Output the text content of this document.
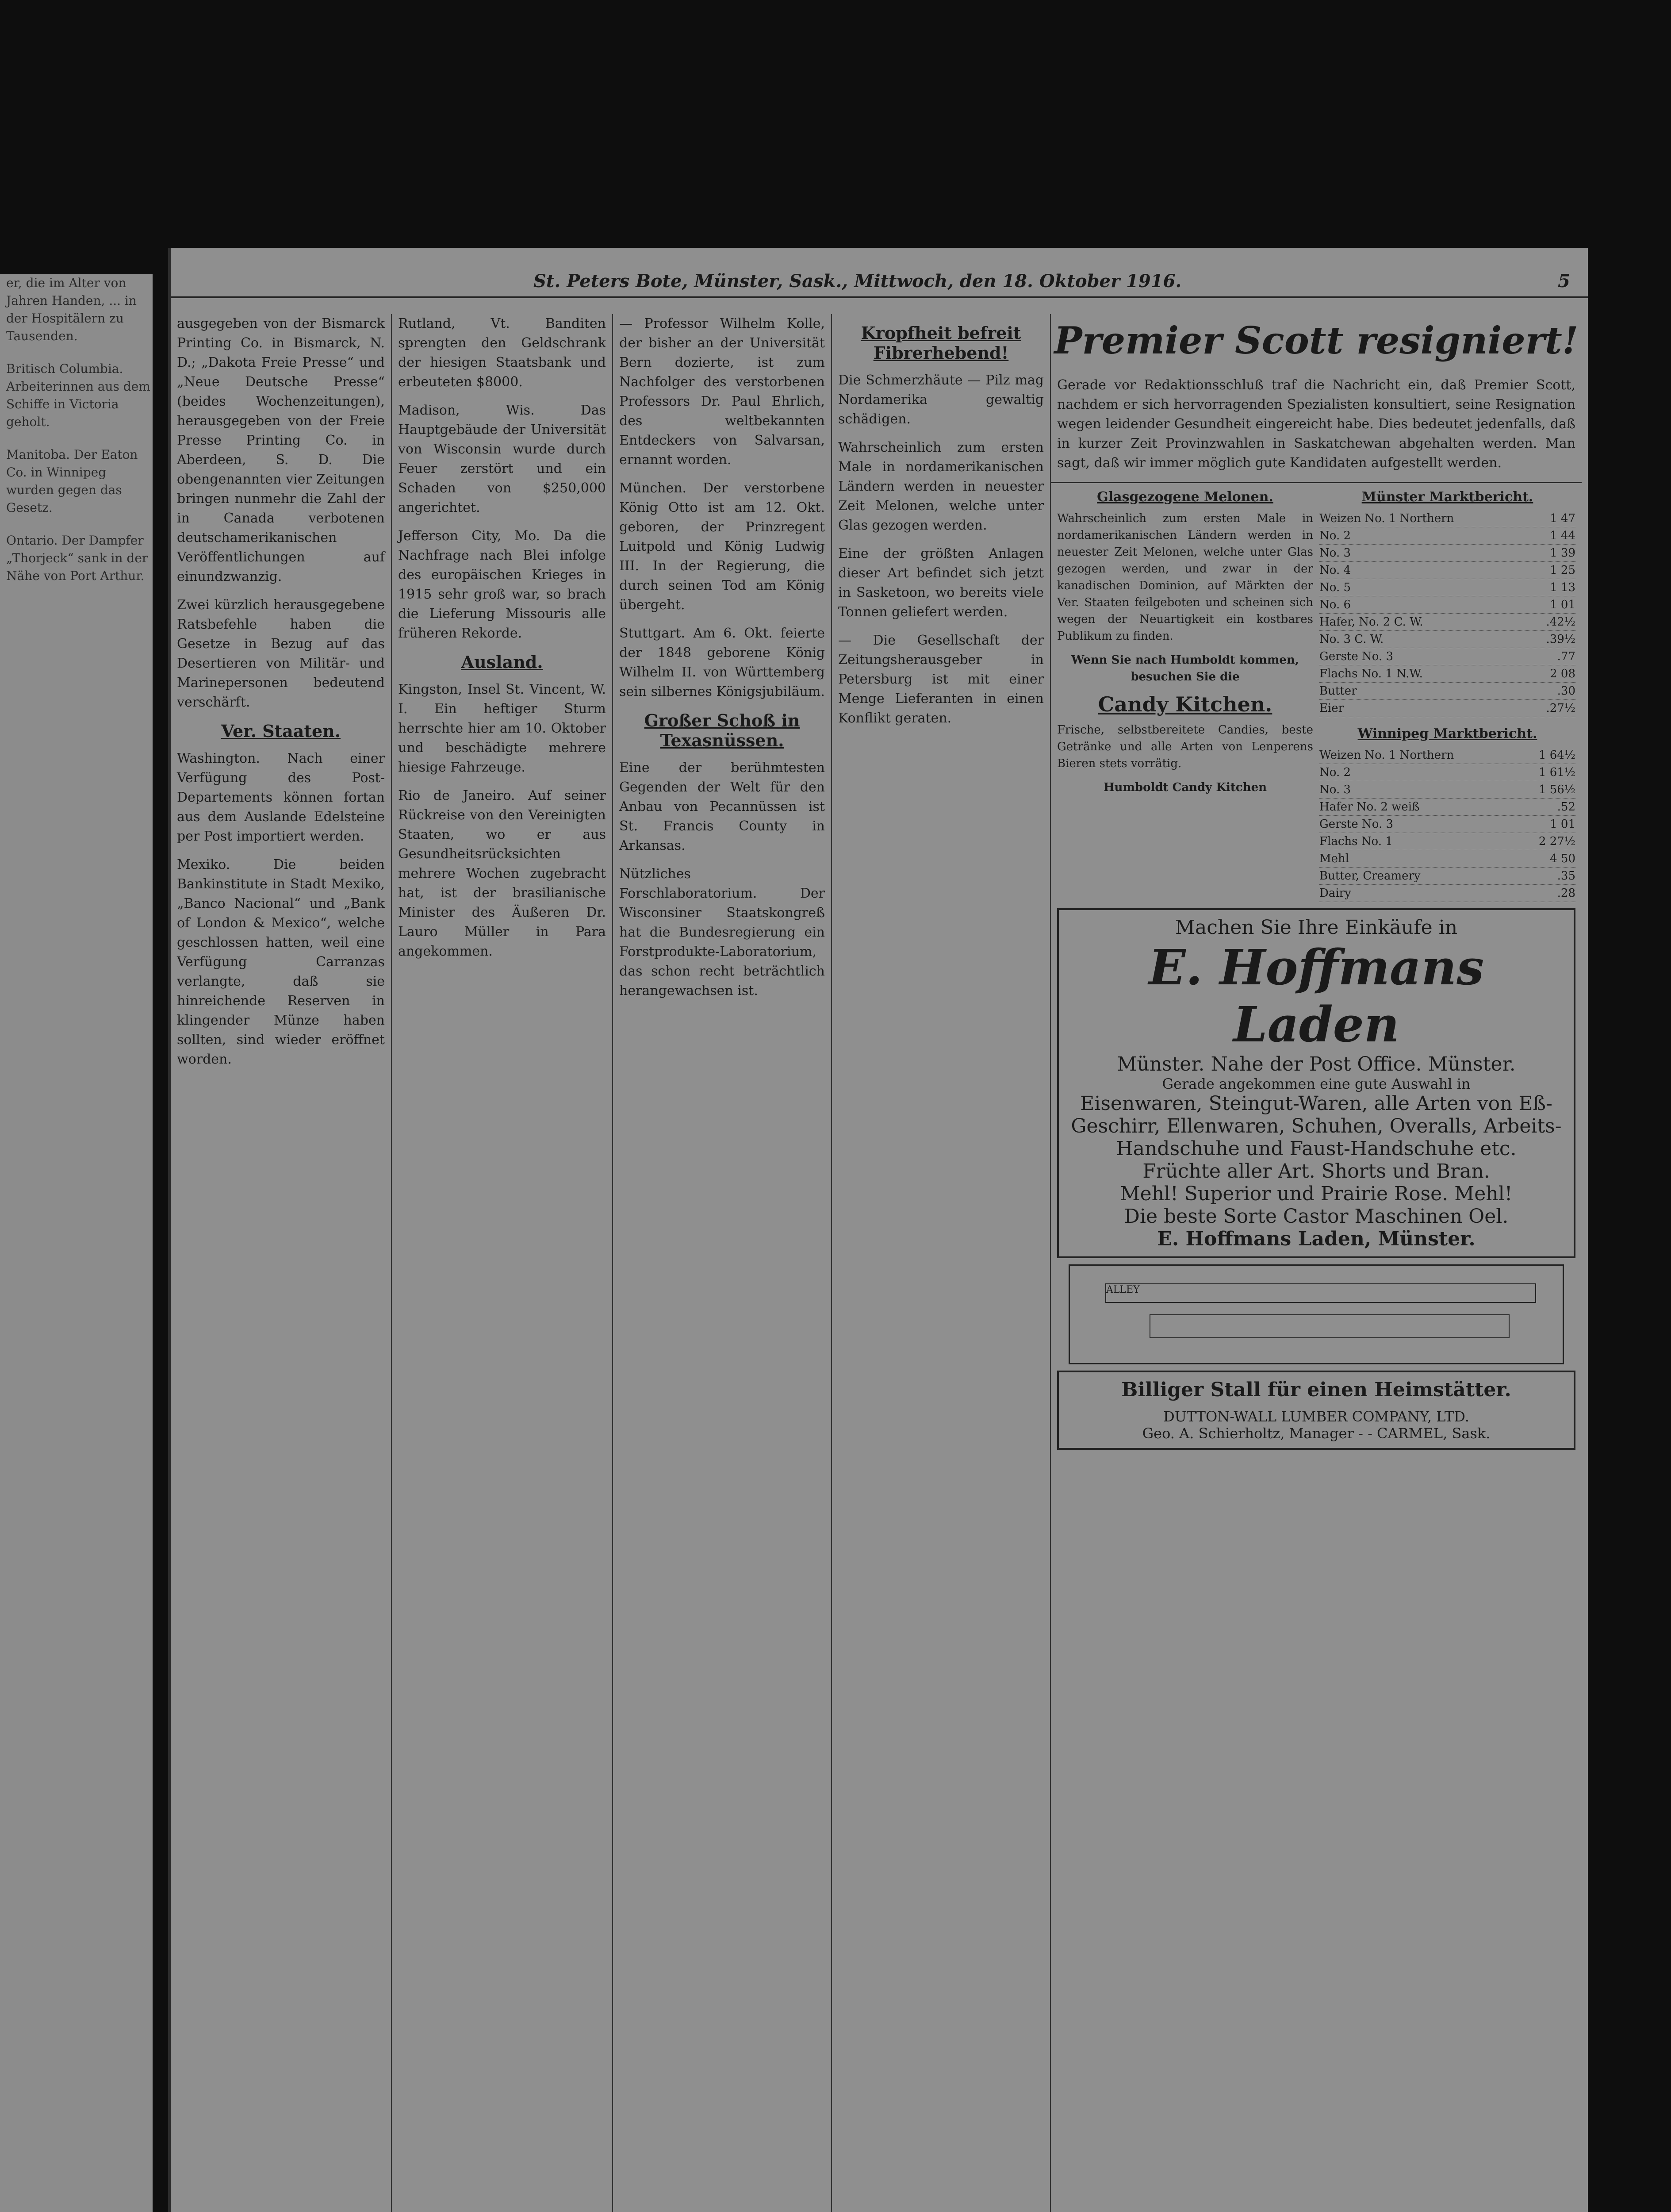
er, die im Alter von Jahren Handen, ... in der Hospitälern zu Tausenden.

Britisch Columbia. Arbeiterinnen aus dem Schiffe in Victoria geholt.

Manitoba. Der Eaton Co. in Winnipeg wurden gegen das Gesetz.

Ontario. Der Dampfer „Thorjeck“ sank in der Nähe von Port Arthur.

St. Peters Bote, Münster, Sask., Mittwoch, den 18. Oktober 1916.	5

ausgegeben von der Bismarck Printing Co. in Bismarck, N. D.; „Dakota Freie Presse“ und „Neue Deutsche Presse“ (beides Wochenzeitungen), herausgegeben von der Freie Presse Printing Co. in Aberdeen, S. D. Die obengenannten vier Zeitungen bringen nunmehr die Zahl der in Canada verbotenen deutschamerikanischen Veröffentlichungen auf einundzwanzig.

Zwei kürzlich herausgegebene Ratsbefehle haben die Gesetze in Bezug auf das Desertieren von Militär- und Marinepersonen bedeutend verschärft.

Ver. Staaten.

Washington. Nach einer Verfügung des Post-Departements können fortan aus dem Auslande Edelsteine per Post importiert werden.

Mexiko. Die beiden Bankinstitute in Stadt Mexiko, „Banco Nacional“ und „Bank of London & Mexico“, welche geschlossen hatten, weil eine Verfügung Carranzas verlangte, daß sie hinreichende Reserven in klingender Münze haben sollten, sind wieder eröffnet worden.

Rutland, Vt. Banditen sprengten den Geldschrank der hiesigen Staatsbank und erbeuteten $8000.

Madison, Wis. Das Hauptgebäude der Universität von Wisconsin wurde durch Feuer zerstört und ein Schaden von $250,000 angerichtet.

Jefferson City, Mo. Da die Nachfrage nach Blei infolge des europäischen Krieges in 1915 sehr groß war, so brach die Lieferung Missouris alle früheren Rekorde.

Ausland.

Kingston, Insel St. Vincent, W. I. Ein heftiger Sturm herrschte hier am 10. Oktober und beschädigte mehrere hiesige Fahrzeuge.

Rio de Janeiro. Auf seiner Rückreise von den Vereinigten Staaten, wo er aus Gesundheitsrücksichten mehrere Wochen zugebracht hat, ist der brasilianische Minister des Äußeren Dr. Lauro Müller in Para angekommen.

— Professor Wilhelm Kolle, der bisher an der Universität Bern dozierte, ist zum Nachfolger des verstorbenen Professors Dr. Paul Ehrlich, des weltbekannten Entdeckers von Salvarsan, ernannt worden.

München. Der verstorbene König Otto ist am 12. Okt. geboren, der Prinzregent Luitpold und König Ludwig III. In der Regierung, die durch seinen Tod am König übergeht.

Stuttgart. Am 6. Okt. feierte der 1848 geborene König Wilhelm II. von Württemberg sein silbernes Königsjubiläum.

Großer Schoß in Texasnüssen.

Eine der berühmtesten Gegenden der Welt für den Anbau von Pecannüssen ist St. Francis County in Arkansas.

Nützliches Forschlaboratorium. Der Wisconsiner Staatskongreß hat die Bundesregierung ein Forstprodukte-Laboratorium, das schon recht beträchtlich herangewachsen ist.

Kropfheit befreit Fibrerhebend!

Die Schmerzhäute — Pilz mag Nordamerika gewaltig schädigen.

Wahrscheinlich zum ersten Male in nordamerikanischen Ländern werden in neuester Zeit Melonen, welche unter Glas gezogen werden.

Eine der größten Anlagen dieser Art befindet sich jetzt in Sasketoon, wo bereits viele Tonnen geliefert werden.

— Die Gesellschaft der Zeitungsherausgeber in Petersburg ist mit einer Menge Lieferanten in einen Konflikt geraten.

Premier Scott resigniert!

Gerade vor Redaktionsschluß traf die Nachricht ein, daß Premier Scott, nachdem er sich hervorragenden Spezialisten konsultiert, seine Resignation wegen leidender Gesundheit eingereicht habe. Dies bedeutet jedenfalls, daß in kurzer Zeit Provinzwahlen in Saskatchewan abgehalten werden. Man sagt, daß wir immer möglich gute Kandidaten aufgestellt werden.

Glasgezogene Melonen.

Wahrscheinlich zum ersten Male in nordamerikanischen Ländern werden in neuester Zeit Melonen, welche unter Glas gezogen werden, und zwar in der kanadischen Dominion, auf Märkten der Ver. Staaten feilgeboten und scheinen sich wegen der Neuartigkeit ein kostbares Publikum zu finden.

Wenn Sie nach Humboldt kommen, besuchen Sie die

Candy Kitchen.

Frische, selbstbereitete Candies, beste Getränke und alle Arten von Lenperens Bieren stets vorrätig.

Humboldt Candy Kitchen

Münster Marktbericht.
Weizen No. 1 Northern	1 47
No. 2	1 44
No. 3	1 39
No. 4	1 25
No. 5	1 13
No. 6	1 01
Hafer, No. 2 C. W.	.42½
No. 3 C. W.	.39½
Gerste No. 3	.77
Flachs No. 1 N.W.	2 08
Butter	.30
Eier	.27½
Winnipeg Marktbericht.
Weizen No. 1 Northern	1 64½
No. 2	1 61½
No. 3	1 56½
Hafer No. 2 weiß	.52
Gerste No. 3	1 01
Flachs No. 1	2 27½
Mehl	4 50
Butter, Creamery	.35
Dairy	.28
Machen Sie Ihre Einkäufe in
E. Hoffmans Laden
Münster. Nahe der Post Office. Münster.
Gerade angekommen eine gute Auswahl in
Eisenwaren, Steingut-Waren, alle Arten von Eß-Geschirr, Ellenwaren, Schuhen, Overalls, Arbeits-Handschuhe und Faust-Handschuhe etc.
Früchte aller Art. Shorts und Bran.
Mehl! Superior und Prairie Rose. Mehl!
Die beste Sorte Castor Maschinen Oel.
E. Hoffmans Laden, Münster.
ALLEY
Billiger Stall für einen Heimstätter.
DUTTON-WALL LUMBER COMPANY, LTD.
Geo. A. Schierholtz, Manager - - CARMEL, Sask.
